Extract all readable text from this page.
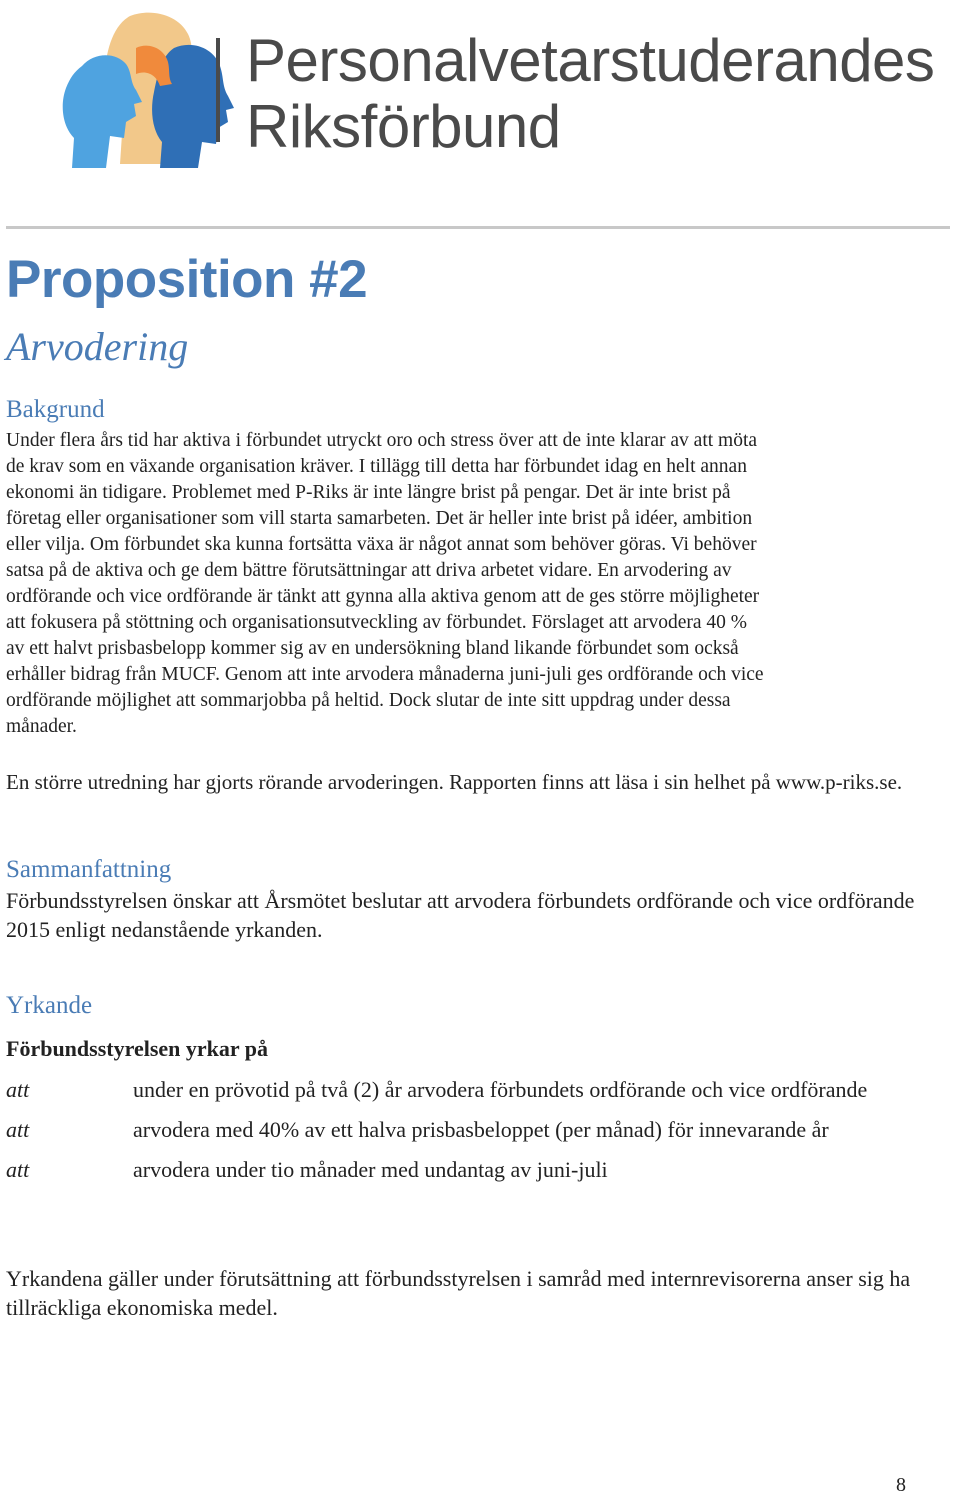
Personalvetarstuderandes
Riksförbund
Proposition #2
Arvodering
Bakgrund
Under flera års tid har aktiva i förbundet utryckt oro och stress över att de inte klarar av att möta
de krav som en växande organisation kräver. I tillägg till detta har förbundet idag en helt annan
ekonomi än tidigare. Problemet med P-Riks är inte längre brist på pengar. Det är inte brist på
företag eller organisationer som vill starta samarbeten. Det är heller inte brist på idéer, ambition
eller vilja. Om förbundet ska kunna fortsätta växa är något annat som behöver göras. Vi behöver
satsa på de aktiva och ge dem bättre förutsättningar att driva arbetet vidare. En arvodering av
ordförande och vice ordförande är tänkt att gynna alla aktiva genom att de ges större möjligheter
att fokusera på stöttning och organisationsutveckling av förbundet. Förslaget att arvodera 40 %
av ett halvt prisbasbelopp kommer sig av en undersökning bland likande förbundet som också
erhåller bidrag från MUCF. Genom att inte arvodera månaderna juni-juli ges ordförande och vice
ordförande möjlighet att sommarjobba på heltid. Dock slutar de inte sitt uppdrag under dessa
månader.

En större utredning har gjorts rörande arvoderingen. Rapporten finns att läsa i sin helhet på www.p-riks.se.

Sammanfattning

Förbundsstyrelsen önskar att Årsmötet beslutar att arvodera förbundets ordförande och vice ordförande 2015 enligt nedanstående yrkanden.

Yrkande

Förbundsstyrelsen yrkar på

att	under en prövotid på två (2) år arvodera förbundets ordförande och vice ordförande
att	arvodera med 40% av ett halva prisbasbeloppet (per månad) för innevarande år
att	arvodera under tio månader med undantag av juni-juli

Yrkandena gäller under förutsättning att förbundsstyrelsen i samråd med internrevisorerna anser sig ha tillräckliga ekonomiska medel.

8
